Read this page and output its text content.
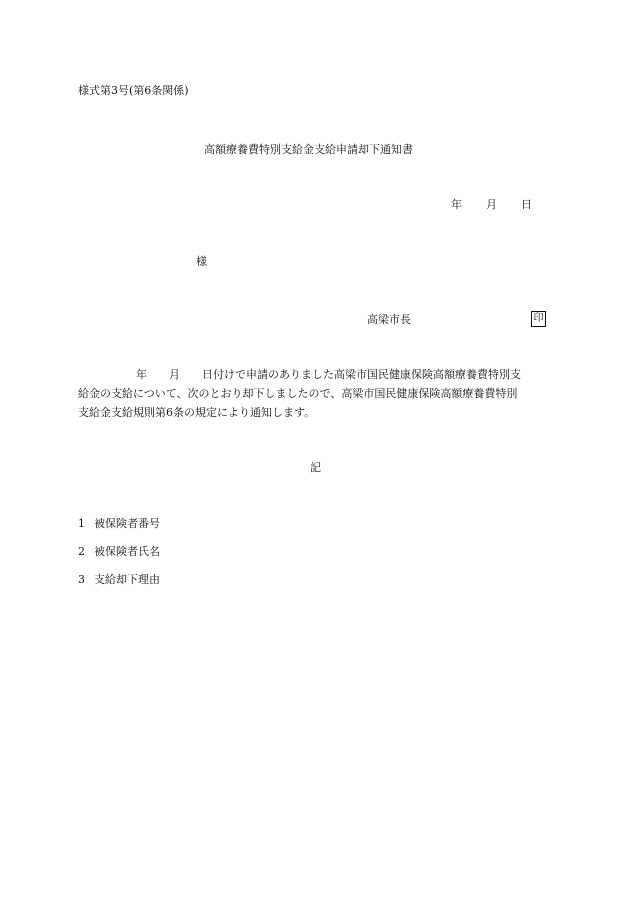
様式第3号(第6条関係)
高額療養費特別支給金支給申請却下通知書
年 月 日
様
高梁市長	印
年 月 日付けで申請のありました高梁市国民健康保険高額療養費特別支
給金の支給について、次のとおり却下しましたので、高梁市国民健康保険高額療養費特別
支給金支給規則第6条の規定により通知します。
記
1 被保険者番号
2 被保険者氏名
3 支給却下理由
